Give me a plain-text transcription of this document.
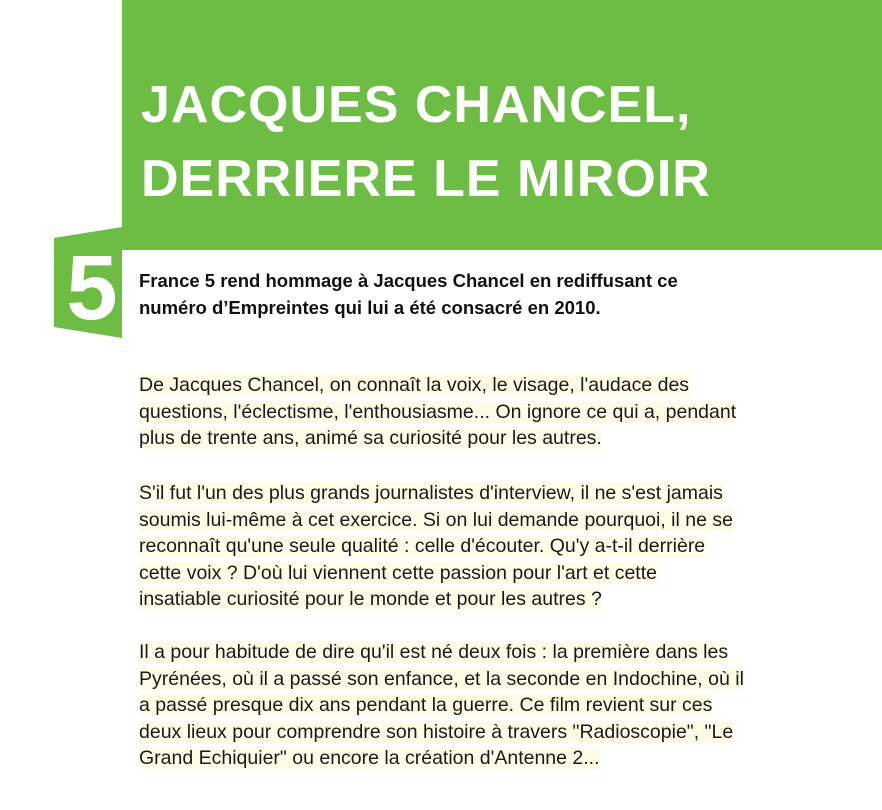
JACQUES CHANCEL,
DERRIERE LE MIROIR
5 France 5 rend hommage à Jacques Chancel en rediffusant ce
numéro d’Empreintes qui lui a été consacré en 2010.
De Jacques Chancel, on connaît la voix, le visage, l'audace des
questions, l'éclectisme, l'enthousiasme... On ignore ce qui a, pendant
plus de trente ans, animé sa curiosité pour les autres.
S'il fut l'un des plus grands journalistes d'interview, il ne s'est jamais
soumis lui-même à cet exercice. Si on lui demande pourquoi, il ne se
reconnaît qu'une seule qualité : celle d'écouter. Qu'y a-t-il derrière
cette voix ? D'où lui viennent cette passion pour l'art et cette
insatiable curiosité pour le monde et pour les autres ?
Il a pour habitude de dire qu'il est né deux fois : la première dans les
Pyrénées, où il a passé son enfance, et la seconde en Indochine, où il
a passé presque dix ans pendant la guerre. Ce film revient sur ces
deux lieux pour comprendre son histoire à travers "Radioscopie", "Le
Grand Echiquier" ou encore la création d'Antenne 2...
